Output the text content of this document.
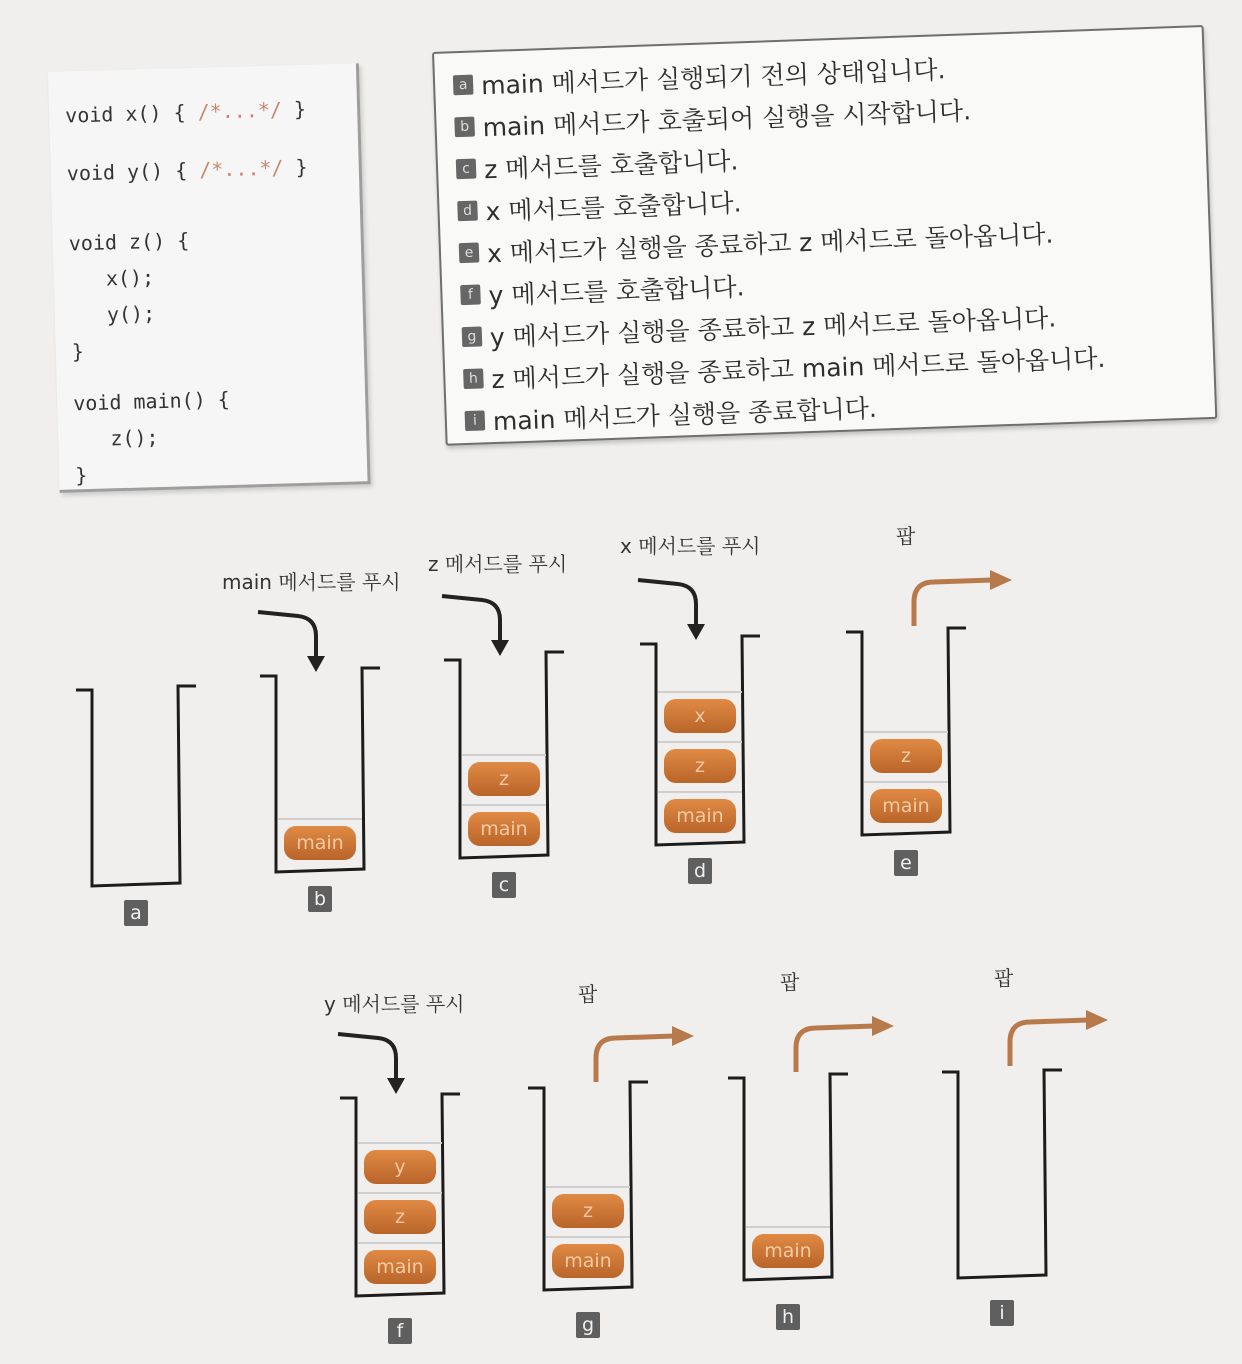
void x() { /*...*/ }
void y() { /*...*/ }
void z() {
x();
y();
}
void main() {
z();
}
a main 메서드가 실행되기 전의 상태입니다.
b main 메서드가 호출되어 실행을 시작합니다.
c z 메서드를 호출합니다.
d x 메서드를 호출합니다.
e x 메서드가 실행을 종료하고 z 메서드로 돌아옵니다.
f y 메서드를 호출합니다.
g y 메서드가 실행을 종료하고 z 메서드로 돌아옵니다.
h z 메서드가 실행을 종료하고 main 메서드로 돌아옵니다.
i main 메서드가 실행을 종료합니다.
a
main
b
main 메서드를 푸시
main
z
c
z 메서드를 푸시
main
z
x
d
x 메서드를 푸시
main
z
e
팝
main
z
y
f
y 메서드를 푸시
main
z
g
팝
main
h
팝
i
팝
